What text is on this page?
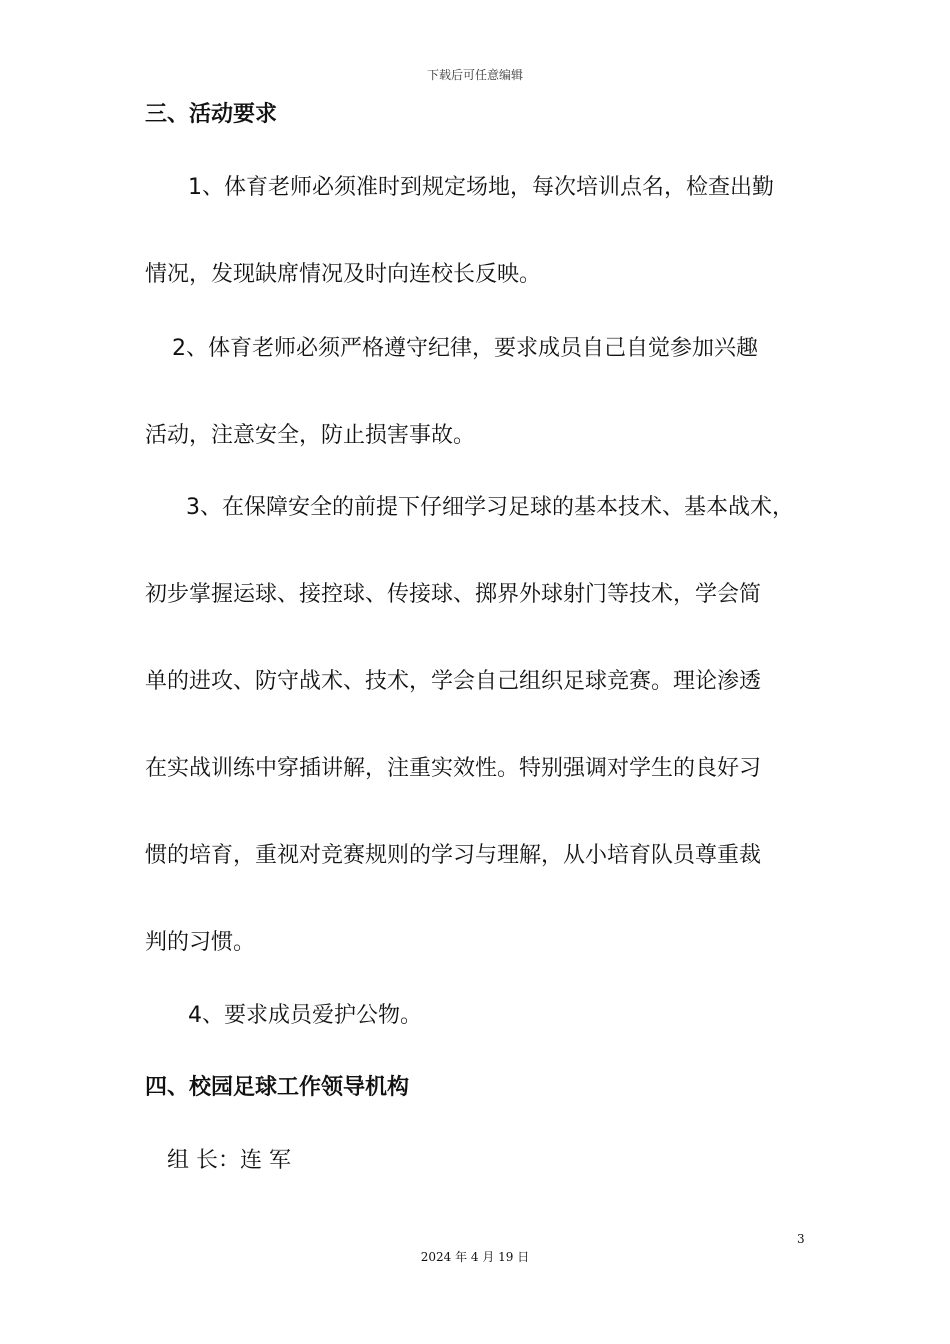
下载后可任意编辑
三、活动要求
1、体育老师必须准时到规定场地，每次培训点名，检查出勤
情况，发现缺席情况及时向连校长反映。
2、体育老师必须严格遵守纪律，要求成员自己自觉参加兴趣
活动，注意安全，防止损害事故。
3、在保障安全的前提下仔细学习足球的基本技术、基本战术，
初步掌握运球、接控球、传接球、掷界外球射门等技术，学会简
单的进攻、防守战术、技术，学会自己组织足球竞赛。理论渗透
在实战训练中穿插讲解，注重实效性。特别强调对学生的良好习
惯的培育，重视对竞赛规则的学习与理解，从小培育队员尊重裁
判的习惯。
4、要求成员爱护公物。
四、校园足球工作领导机构
组 长：连 军
3
2024 年 4 月 19 日
